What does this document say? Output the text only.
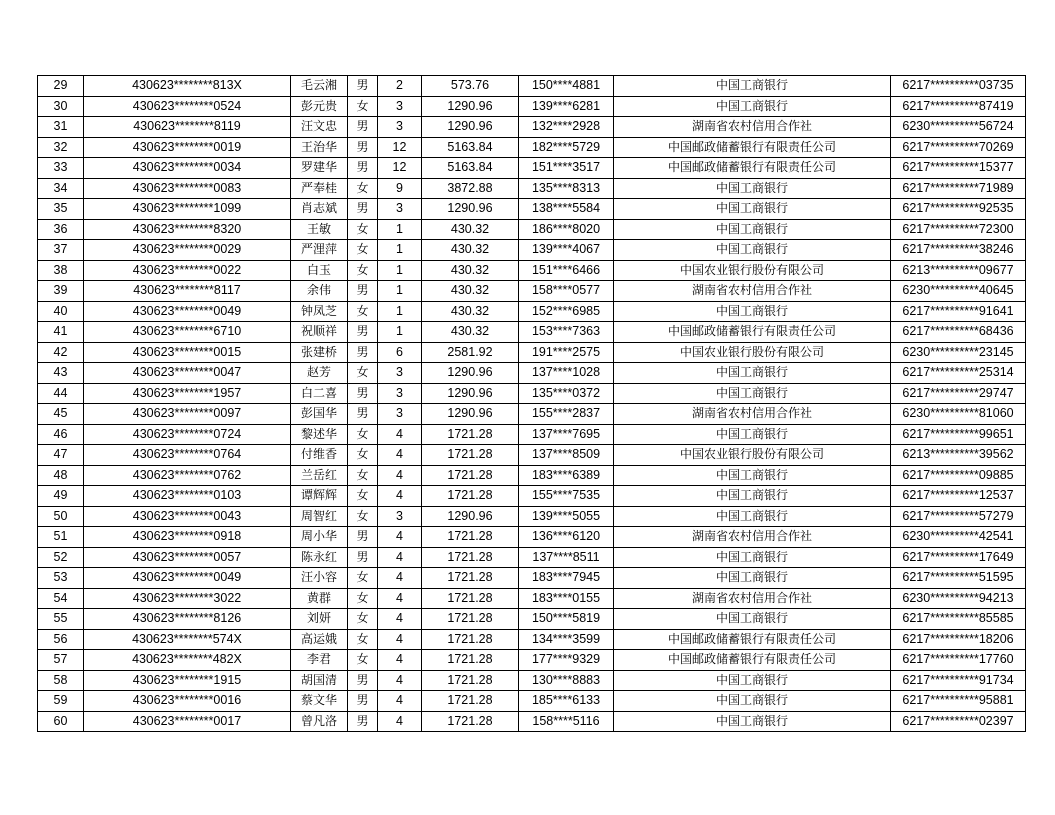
29	430623********813X	毛云湘	男	2	573.76	150****4881	中国工商银行	6217**********03735
30	430623********0524	彭元贵	女	3	1290.96	139****6281	中国工商银行	6217**********87419
31	430623********8119	汪文忠	男	3	1290.96	132****2928	湖南省农村信用合作社	6230**********56724
32	430623********0019	王治华	男	12	5163.84	182****5729	中国邮政储蓄银行有限责任公司	6217**********70269
33	430623********0034	罗建华	男	12	5163.84	151****3517	中国邮政储蓄银行有限责任公司	6217**********15377
34	430623********0083	严奉桂	女	9	3872.88	135****8313	中国工商银行	6217**********71989
35	430623********1099	肖志斌	男	3	1290.96	138****5584	中国工商银行	6217**********92535
36	430623********8320	王敏	女	1	430.32	186****8020	中国工商银行	6217**********72300
37	430623********0029	严浬萍	女	1	430.32	139****4067	中国工商银行	6217**********38246
38	430623********0022	白玉	女	1	430.32	151****6466	中国农业银行股份有限公司	6213**********09677
39	430623********8117	余伟	男	1	430.32	158****0577	湖南省农村信用合作社	6230**********40645
40	430623********0049	钟凤芝	女	1	430.32	152****6985	中国工商银行	6217**********91641
41	430623********6710	祝顺祥	男	1	430.32	153****7363	中国邮政储蓄银行有限责任公司	6217**********68436
42	430623********0015	张建桥	男	6	2581.92	191****2575	中国农业银行股份有限公司	6230**********23145
43	430623********0047	赵芳	女	3	1290.96	137****1028	中国工商银行	6217**********25314
44	430623********1957	白二喜	男	3	1290.96	135****0372	中国工商银行	6217**********29747
45	430623********0097	彭国华	男	3	1290.96	155****2837	湖南省农村信用合作社	6230**********81060
46	430623********0724	黎述华	女	4	1721.28	137****7695	中国工商银行	6217**********99651
47	430623********0764	付维香	女	4	1721.28	137****8509	中国农业银行股份有限公司	6213**********39562
48	430623********0762	兰岳红	女	4	1721.28	183****6389	中国工商银行	6217**********09885
49	430623********0103	谭辉辉	女	4	1721.28	155****7535	中国工商银行	6217**********12537
50	430623********0043	周智红	女	3	1290.96	139****5055	中国工商银行	6217**********57279
51	430623********0918	周小华	男	4	1721.28	136****6120	湖南省农村信用合作社	6230**********42541
52	430623********0057	陈永红	男	4	1721.28	137****8511	中国工商银行	6217**********17649
53	430623********0049	汪小容	女	4	1721.28	183****7945	中国工商银行	6217**********51595
54	430623********3022	黄群	女	4	1721.28	183****0155	湖南省农村信用合作社	6230**********94213
55	430623********8126	刘妍	女	4	1721.28	150****5819	中国工商银行	6217**********85585
56	430623********574X	高运娥	女	4	1721.28	134****3599	中国邮政储蓄银行有限责任公司	6217**********18206
57	430623********482X	李君	女	4	1721.28	177****9329	中国邮政储蓄银行有限责任公司	6217**********17760
58	430623********1915	胡国清	男	4	1721.28	130****8883	中国工商银行	6217**********91734
59	430623********0016	蔡文华	男	4	1721.28	185****6133	中国工商银行	6217**********95881
60	430623********0017	曾凡洛	男	4	1721.28	158****5116	中国工商银行	6217**********02397
